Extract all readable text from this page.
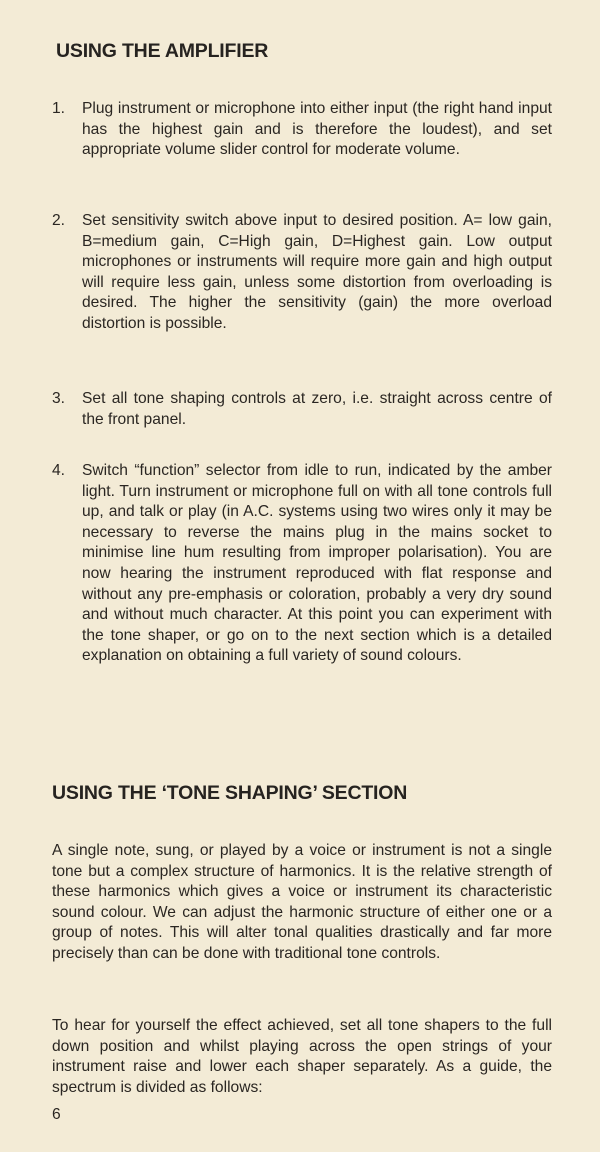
USING THE AMPLIFIER
1. Plug instrument or microphone into either input (the right hand input has the highest gain and is therefore the loudest), and set appropriate volume slider control for moderate volume.
2. Set sensitivity switch above input to desired position. A= low gain, B=medium gain, C=High gain, D=Highest gain. Low output microphones or instruments will require more gain and high output will require less gain, unless some distortion from overloading is desired. The higher the sensitivity (gain) the more overload distortion is possible.
3. Set all tone shaping controls at zero, i.e. straight across centre of the front panel.
4. Switch “function” selector from idle to run, indicated by the amber light. Turn instrument or microphone full on with all tone controls full up, and talk or play (in A.C. systems using two wires only it may be necessary to reverse the mains plug in the mains socket to minimise line hum resulting from improper polarisation). You are now hearing the instrument reproduced with flat response and without any pre-emphasis or coloration, probably a very dry sound and without much character. At this point you can experiment with the tone shaper, or go on to the next section which is a detailed explanation on obtaining a full variety of sound colours.
USING THE ‘TONE SHAPING’ SECTION

A single note, sung, or played by a voice or instrument is not a single tone but a complex structure of harmonics. It is the relative strength of these harmonics which gives a voice or instrument its characteristic sound colour. We can adjust the harmonic structure of either one or a group of notes. This will alter tonal qualities drastically and far more precisely than can be done with traditional tone controls.

To hear for yourself the effect achieved, set all tone shapers to the full down position and whilst playing across the open strings of your instrument raise and lower each shaper separately. As a guide, the spectrum is divided as follows:

6
